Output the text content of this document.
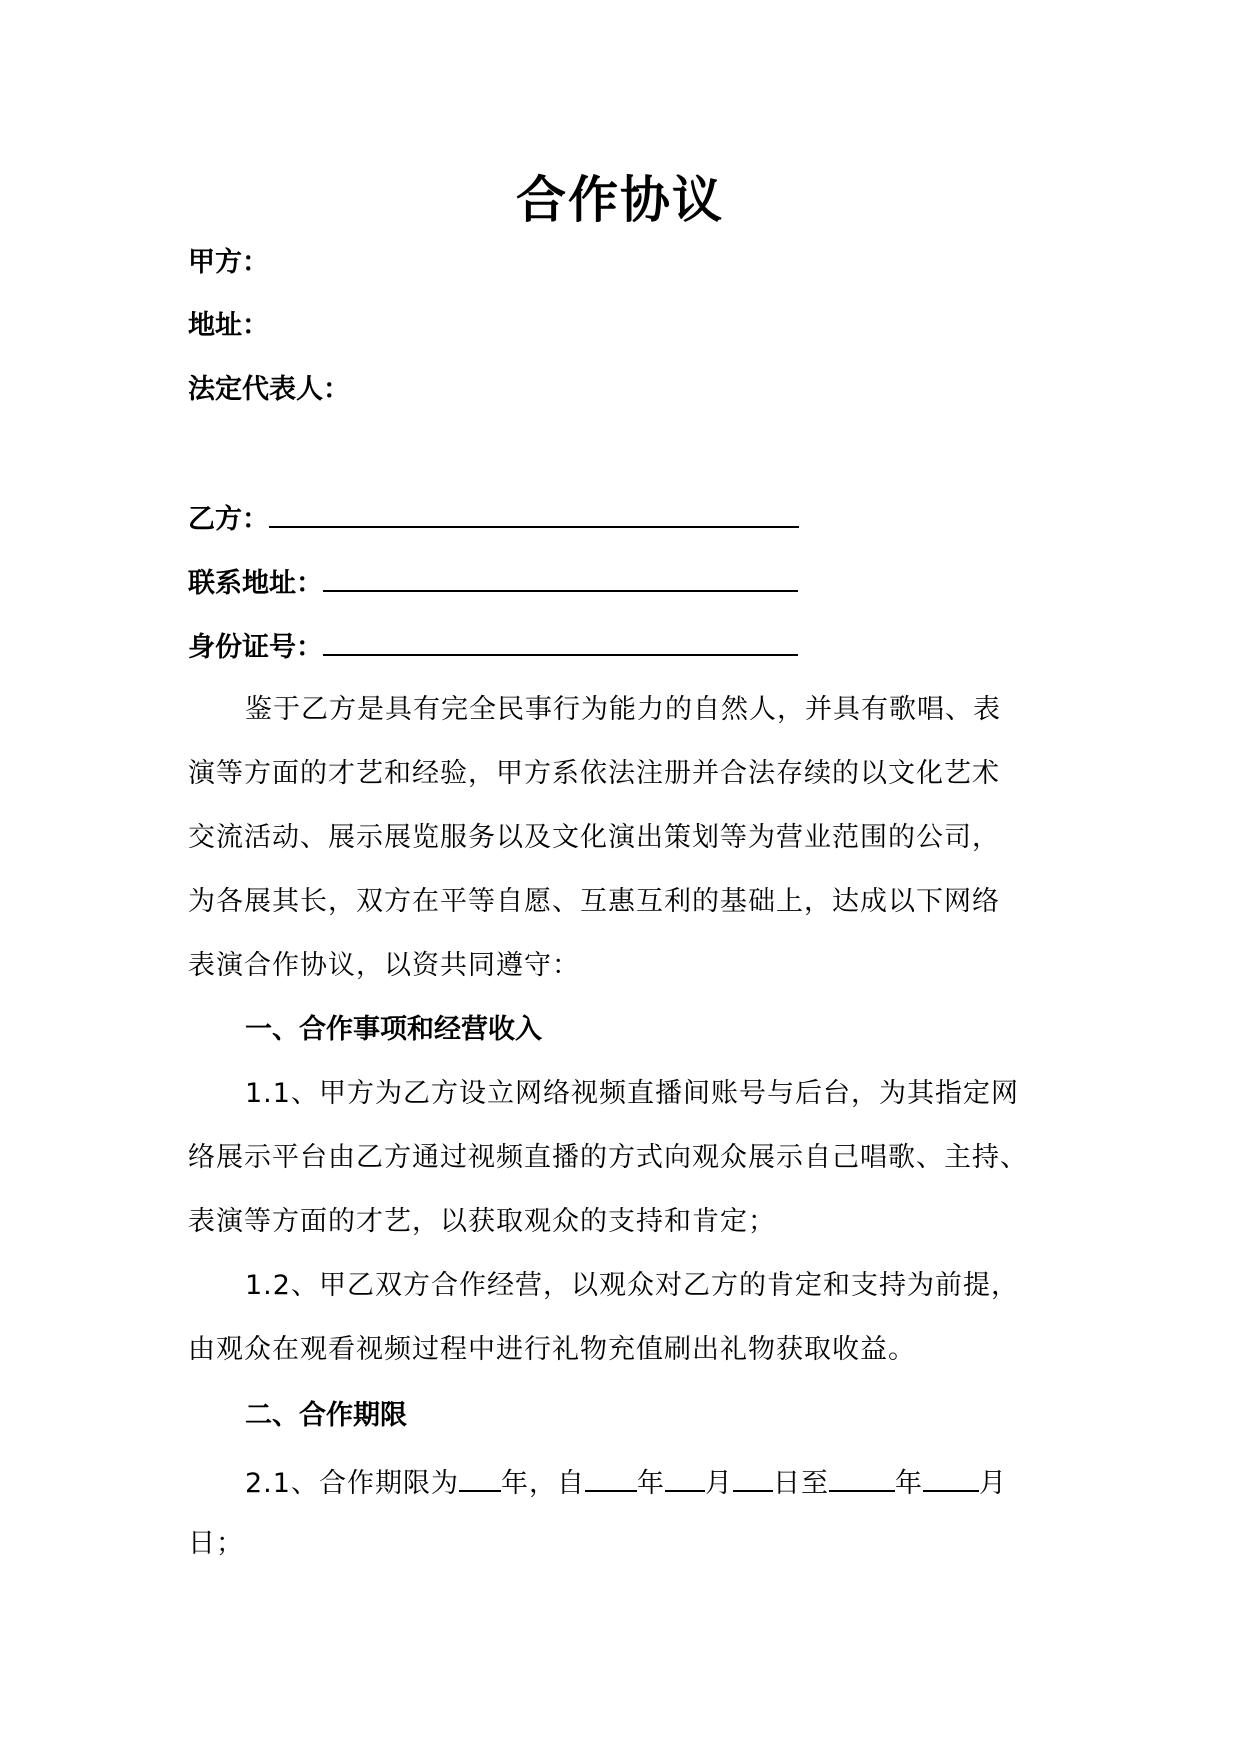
合作协议
甲方：
地址：
法定代表人：
乙方：
联系地址：
身份证号：
鉴于乙方是具有完全民事行为能力的自然人，并具有歌唱、表
演等方面的才艺和经验，甲方系依法注册并合法存续的以文化艺术
交流活动、展示展览服务以及文化演出策划等为营业范围的公司，
为各展其长，双方在平等自愿、互惠互利的基础上，达成以下网络
表演合作协议，以资共同遵守：
一、合作事项和经营收入
1.1、甲方为乙方设立网络视频直播间账号与后台，为其指定网
络展示平台由乙方通过视频直播的方式向观众展示自己唱歌、主持、
表演等方面的才艺，以获取观众的支持和肯定；
1.2、甲乙双方合作经营，以观众对乙方的肯定和支持为前提，
由观众在观看视频过程中进行礼物充值刷出礼物获取收益。
二、合作期限
2.1、合作期限为 年，自 年 月 日至 年 月
日；
